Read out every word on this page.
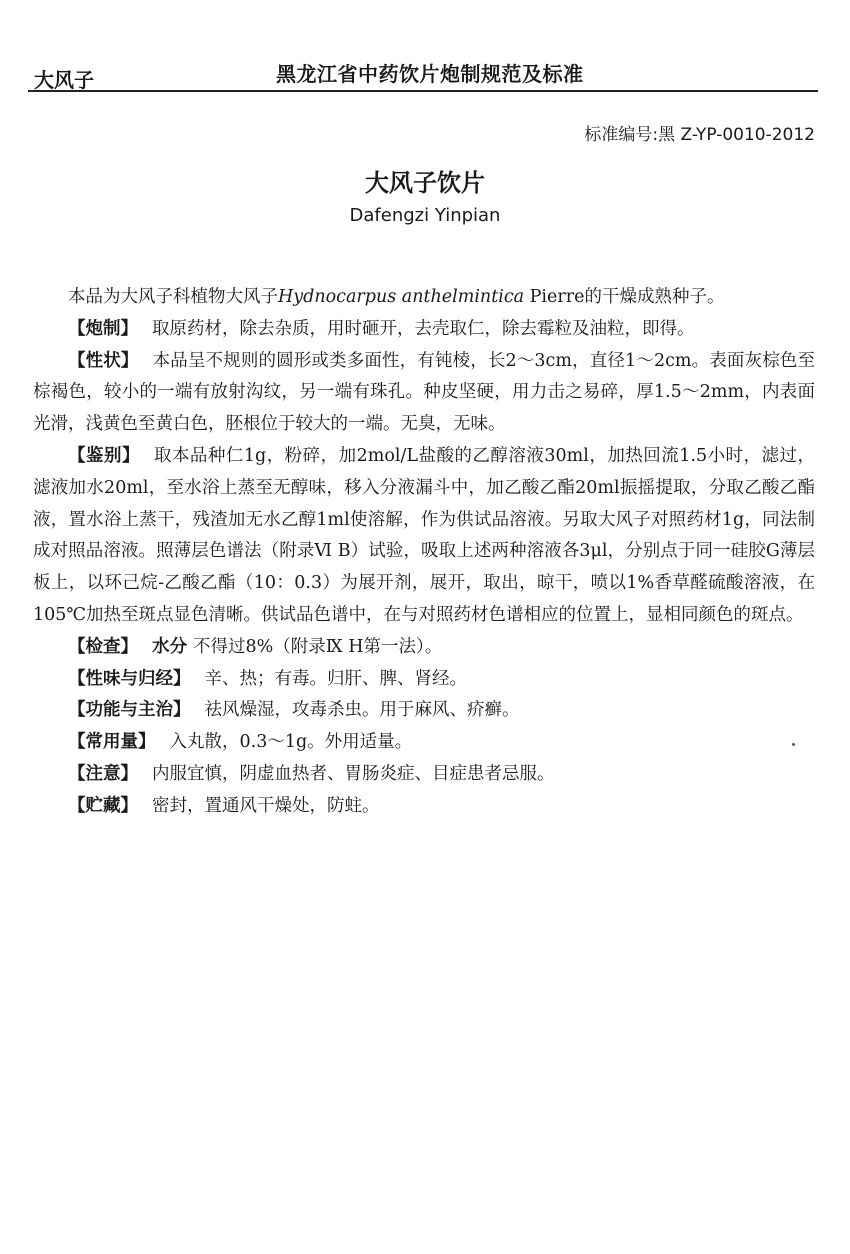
大风子	黑龙江省中药饮片炮制规范及标准
标准编号:黑 Z-YP-0010-2012
大风子饮片
Dafengzi Yinpian

本品为大风子科植物大风子Hydnocarpus anthelmintica Pierre的干燥成熟种子。

【炮制】 取原药材，除去杂质，用时砸开，去壳取仁，除去霉粒及油粒，即得。

【性状】 本品呈不规则的圆形或类多面性，有钝棱，长2～3cm，直径1～2cm。表面灰棕色至棕褐色，较小的一端有放射沟纹，另一端有珠孔。种皮坚硬，用力击之易碎，厚1.5～2mm，内表面光滑，浅黄色至黄白色，胚根位于较大的一端。无臭，无味。

【鉴别】 取本品种仁1g，粉碎，加2mol/L盐酸的乙醇溶液30ml，加热回流1.5小时，滤过，滤液加水20ml，至水浴上蒸至无醇味，移入分液漏斗中，加乙酸乙酯20ml振摇提取，分取乙酸乙酯液，置水浴上蒸干，残渣加无水乙醇1ml使溶解，作为供试品溶液。另取大风子对照药材1g，同法制成对照品溶液。照薄层色谱法（附录Ⅵ B）试验，吸取上述两种溶液各3μl，分别点于同一硅胶G薄层板上，以环己烷-乙酸乙酯（10：0.3）为展开剂，展开，取出，晾干，喷以1%香草醛硫酸溶液，在105℃加热至斑点显色清晰。供试品色谱中，在与对照药材色谱相应的位置上，显相同颜色的斑点。

【检查】 水分 不得过8%（附录Ⅸ H第一法）。

【性味与归经】 辛、热；有毒。归肝、脾、肾经。

【功能与主治】 祛风燥湿，攻毒杀虫。用于麻风、疥癣。

【常用量】 入丸散，0.3～1g。外用适量。

【注意】 内服宜慎，阴虚血热者、胃肠炎症、目症患者忌服。

【贮藏】 密封，置通风干燥处，防蛀。
